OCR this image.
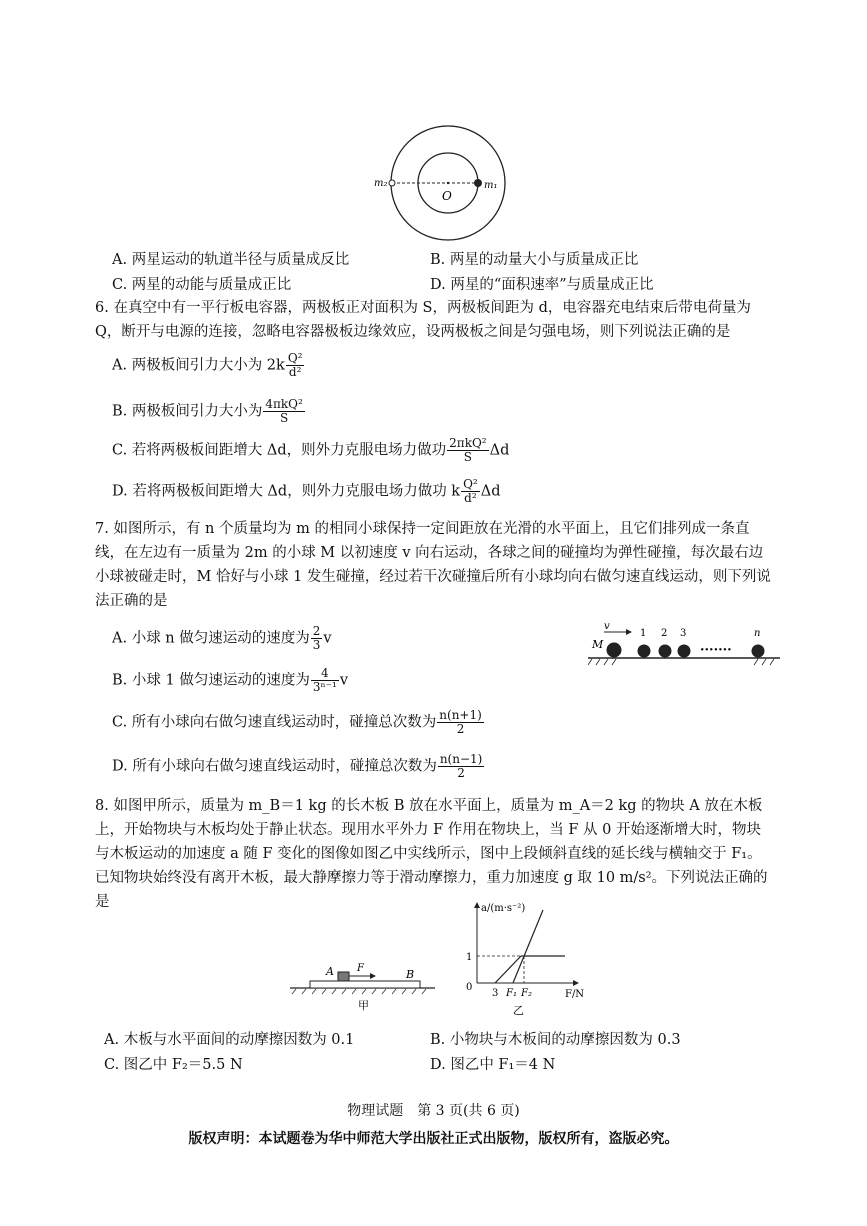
m₂	m₁
O
A. 两星运动的轨道半径与质量成反比	B. 两星的动量大小与质量成正比
C. 两星的动能与质量成正比	D. 两星的“面积速率”与质量成正比
6. 在真空中有一平行板电容器，两极板正对面积为 S，两极板间距为 d，电容器充电结束后带电荷量为 Q，断开与电源的连接，忽略电容器极板边缘效应，设两极板之间是匀强电场，则下列说法正确的是
A. 两极板间引力大小为 $2k \frac{\text{Q²}}{\text{d²}}$
B. 两极板间引力大小为 $\frac{\text{4πkQ²}}{S}$
C. 若将两极板间距增大 Δd，则外力克服电场力做功 $\frac{\text{2πkQ²}}{S}$ Δd
D. 若将两极板间距增大 Δd，则外力克服电场力做功 k $\frac{\text{Q²}}{\text{d²}}$ Δd
7. 如图所示，有 n 个质量均为 m 的相同小球保持一定间距放在光滑的水平面上，且它们排列成一条直线，在左边有一质量为 2m 的小球 M 以初速度 v 向右运动，各球之间的碰撞均为弹性碰撞，每次最右边小球被碰走时，M 恰好与小球 1 发生碰撞，经过若干次碰撞后所有小球均向右做匀速直线运动，则下列说法正确的是
A. 小球 n 做匀速运动的速度为 $\frac{2}{3}$ v
B. 小球 1 做匀速运动的速度为 $\frac{4}{\text{3ⁿ⁻¹}}$ v
C. 所有小球向右做匀速直线运动时，碰撞总次数为 $\frac{n(n+1)}{2}$
D. 所有小球向右做匀速直线运动时，碰撞总次数为 $\frac{n(n-1)}{2}$
v
M
1 2 3	n
·······
8. 如图甲所示，质量为 m_B＝1 kg 的长木板 B 放在水平面上，质量为 m_A＝2 kg 的物块 A 放在木板上，开始物块与木板均处于静止状态。现用水平外力 F 作用在物块上，当 F 从 0 开始逐渐增大时，物块与木板运动的加速度 a 随 F 变化的图像如图乙中实线所示，图中上段倾斜直线的延长线与横轴交于 F₁。已知物块始终没有离开木板，最大静摩擦力等于滑动摩擦力，重力加速度 g 取 10 m/s²。下列说法正确的是
A F	B
甲
a/(m·s⁻²)
F/N
1
0
3 F₁ F₂
乙
A. 木板与水平面间的动摩擦因数为 0.1	B. 小物块与木板间的动摩擦因数为 0.3
C. 图乙中 F₂＝5.5 N	D. 图乙中 F₁＝4 N
物理试题　第 3 页(共 6 页)
版权声明：本试题卷为华中师范大学出版社正式出版物，版权所有，盗版必究。
